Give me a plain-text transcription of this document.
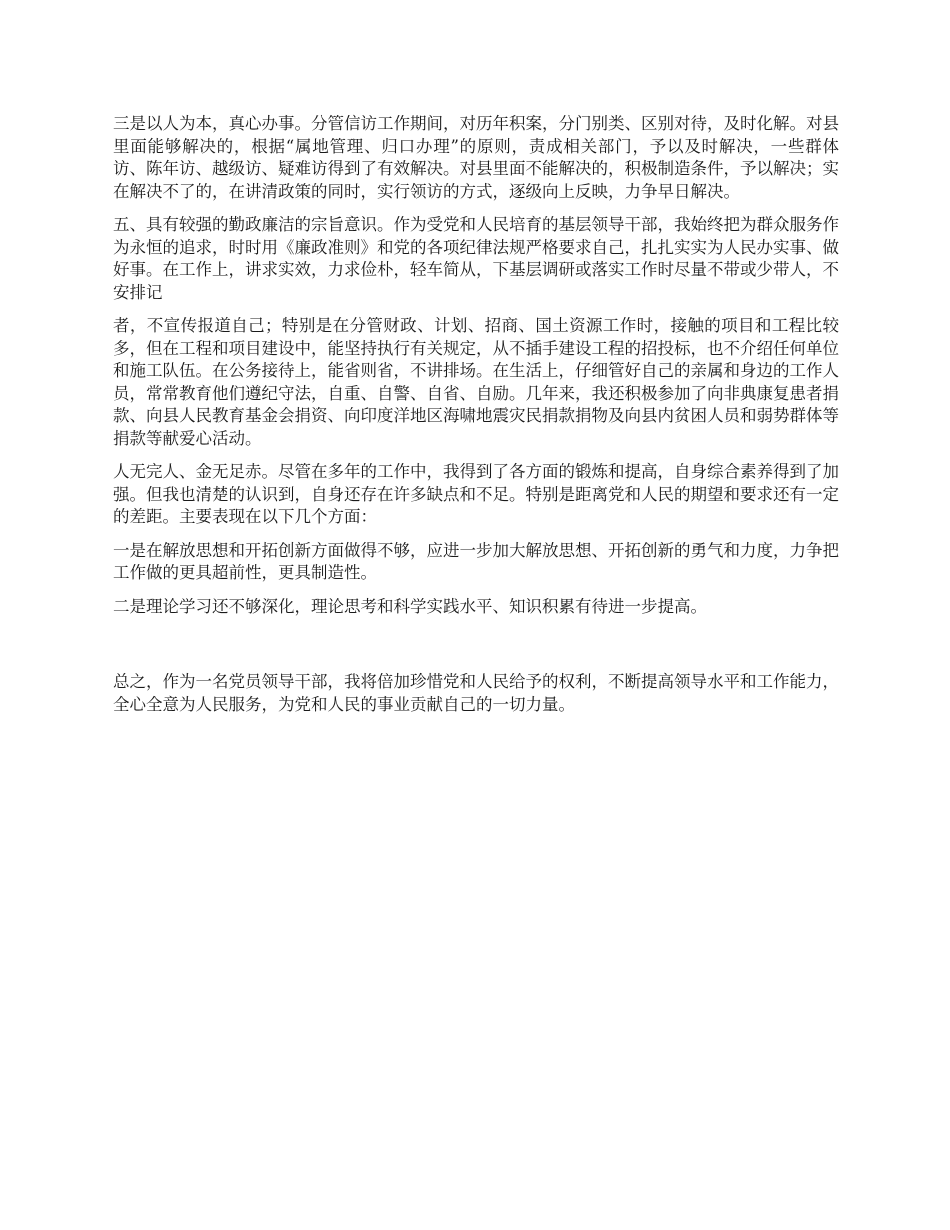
三是以人为本，真心办事。分管信访工作期间，对历年积案，分门别类、区别对待，及时化解。对县里面能够解决的，根据“属地管理、归口办理”的原则，责成相关部门，予以及时解决，一些群体访、陈年访、越级访、疑难访得到了有效解决。对县里面不能解决的，积极制造条件，予以解决；实在解决不了的，在讲清政策的同时，实行领访的方式，逐级向上反映，力争早日解决。

五、具有较强的勤政廉洁的宗旨意识。作为受党和人民培育的基层领导干部，我始终把为群众服务作为永恒的追求，时时用《廉政准则》和党的各项纪律法规严格要求自己，扎扎实实为人民办实事、做好事。在工作上，讲求实效，力求俭朴，轻车简从，下基层调研或落实工作时尽量不带或少带人，不安排记

者，不宣传报道自己；特别是在分管财政、计划、招商、国土资源工作时，接触的项目和工程比较多，但在工程和项目建设中，能坚持执行有关规定，从不插手建设工程的招投标，也不介绍任何单位和施工队伍。在公务接待上，能省则省，不讲排场。在生活上，仔细管好自己的亲属和身边的工作人员，常常教育他们遵纪守法，自重、自警、自省、自励。几年来，我还积极参加了向非典康复患者捐款、向县人民教育基金会捐资、向印度洋地区海啸地震灾民捐款捐物及向县内贫困人员和弱势群体等捐款等献爱心活动。

人无完人、金无足赤。尽管在多年的工作中，我得到了各方面的锻炼和提高，自身综合素养得到了加强。但我也清楚的认识到，自身还存在许多缺点和不足。特别是距离党和人民的期望和要求还有一定的差距。主要表现在以下几个方面：

一是在解放思想和开拓创新方面做得不够，应进一步加大解放思想、开拓创新的勇气和力度，力争把工作做的更具超前性，更具制造性。

二是理论学习还不够深化，理论思考和科学实践水平、知识积累有待进一步提高。

总之，作为一名党员领导干部，我将倍加珍惜党和人民给予的权利，不断提高领导水平和工作能力，全心全意为人民服务，为党和人民的事业贡献自己的一切力量。
